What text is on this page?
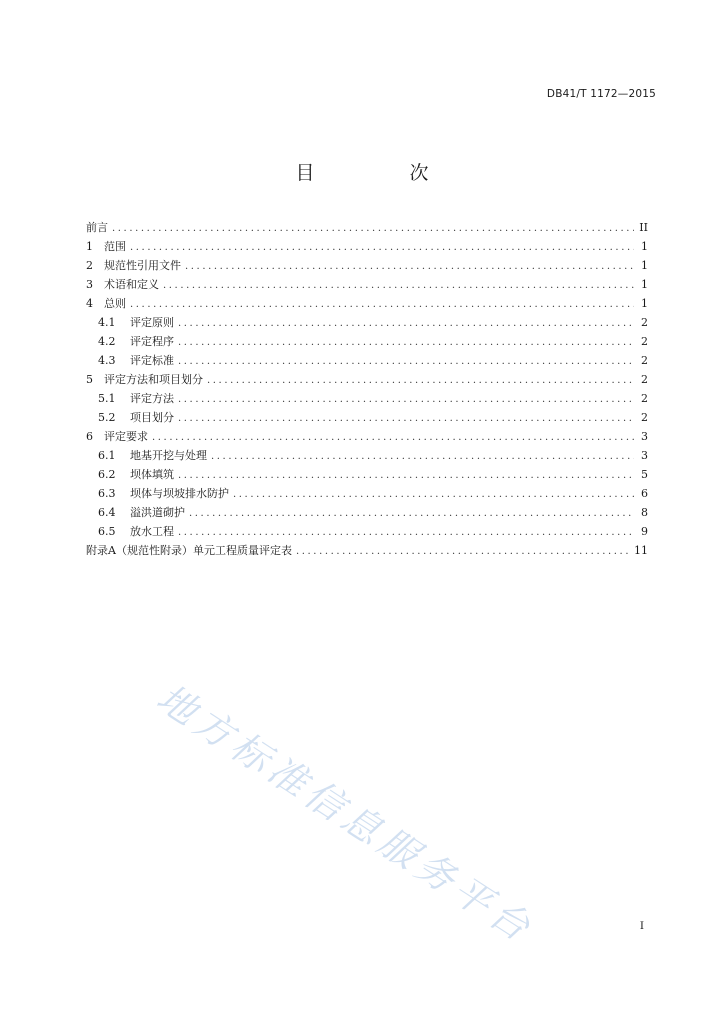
DB41/T 1172—2015
目　次
前言 .....	II
1	范围 .....	1
2	规范性引用文件 .....	1
3	术语和定义 .....	1
4	总则 .....	1
4.1	评定原则 .....	2
4.2	评定程序 .....	2
4.3	评定标准 .....	2
5	评定方法和项目划分 .....	2
5.1	评定方法 .....	2
5.2	项目划分 .....	2
6	评定要求 .....	3
6.1	地基开挖与处理 .....	3
6.2	坝体填筑 .....	5
6.3	坝体与坝坡排水防护 .....	6
6.4	溢洪道砌护 .....	8
6.5	放水工程 .....	9
附录A（规范性附录）单元工程质量评定表 .....	11
地方标准信息服务平台	I
